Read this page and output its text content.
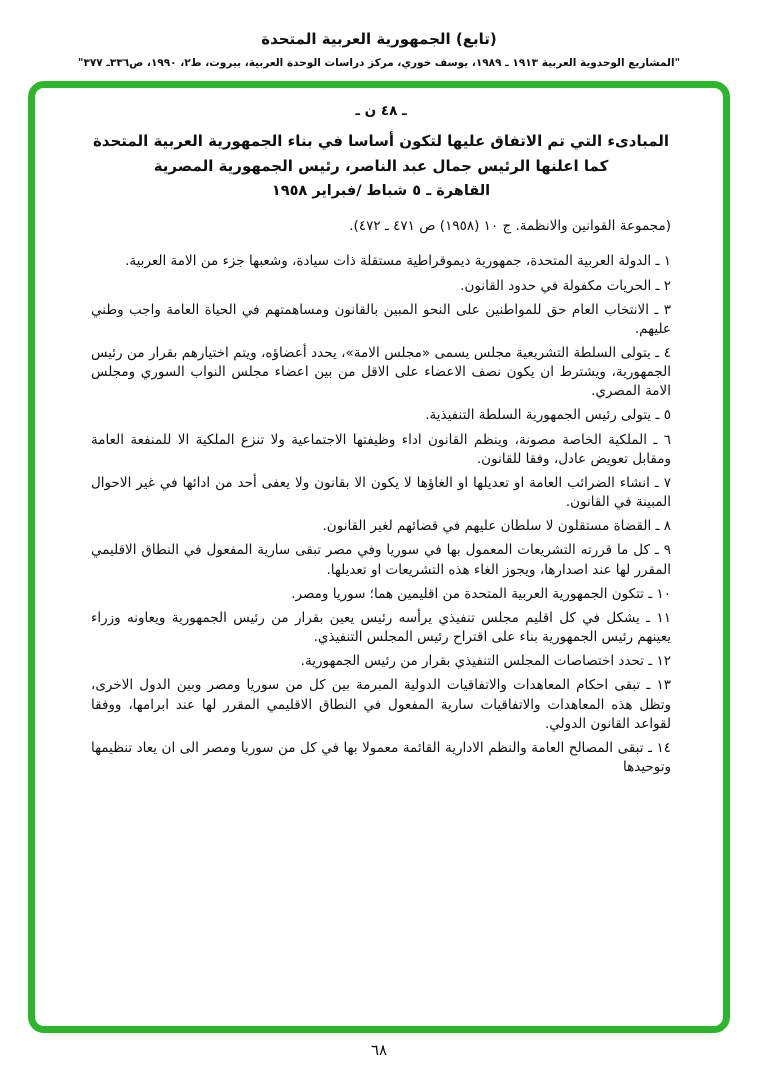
(تابع) الجمهورية العربية المتحدة
"المشاريع الوحدوية العربية ١٩١٣ ـ ١٩٨٩، يوسف خوري، مركز دراسات الوحدة العربية، بيروت، ط٢، ١٩٩٠، ص٣٣٦ـ ٣٧٧"
ـ ٤٨ ن ـ
المبادىء التي تم الاتفاق عليها لتكون أساسا في بناء الجمهورية العربية المتحدة كما اعلنها الرئيس جمال عبد الناصر، رئيس الجمهورية المصرية
القاهرة ـ ٥ شباط /فبراير ١٩٥٨

(مجموعة القوانين والانظمة. ج ١٠ (١٩٥٨) ص ٤٧١ ـ ٤٧٢).

١ ـ الدولة العربية المتحدة، جمهورية ديموقراطية مستقلة ذات سيادة، وشعبها جزء من الامة العربية.

٢ ـ الحريات مكفولة في حدود القانون.

٣ ـ الانتخاب العام حق للمواطنين على النحو المبين بالقانون ومساهمتهم في الحياة العامة واجب وطني عليهم.

٤ ـ يتولى السلطة التشريعية مجلس يسمى «مجلس الامة»، يحدد أعضاؤه، ويتم اختيارهم بقرار من رئيس الجمهورية، ويشترط ان يكون نصف الاعضاء على الاقل من بين اعضاء مجلس النواب السوري ومجلس الامة المصري.

٥ ـ يتولى رئيس الجمهورية السلطة التنفيذية.

٦ ـ الملكية الخاصة مصونة، وينظم القانون اداء وظيفتها الاجتماعية ولا تنزع الملكية الا للمنفعة العامة ومقابل تعويض عادل، وفقا للقانون.

٧ ـ انشاء الضرائب العامة او تعديلها او الغاؤها لا يكون الا بقانون ولا يعفى أحد من ادائها في غير الاحوال المبينة في القانون.

٨ ـ القضاة مستقلون لا سلطان عليهم في قضائهم لغير القانون.

٩ ـ كل ما قررته التشريعات المعمول بها في سوريا وفي مصر تبقى سارية المفعول في النطاق الاقليمي المقرر لها عند اصدارها، ويجوز الغاء هذه التشريعات او تعديلها.

١٠ ـ تتكون الجمهورية العربية المتحدة من اقليمين هما؛ سوريا ومصر.

١١ ـ يشكل في كل اقليم مجلس تنفيذي يرأسه رئيس يعين بقرار من رئيس الجمهورية ويعاونه وزراء يعينهم رئيس الجمهورية بناء على اقتراح رئيس المجلس التنفيذي.

١٢ ـ تحدد اختصاصات المجلس التنفيذي بقرار من رئيس الجمهورية.

١٣ ـ تبقى احكام المعاهدات والاتفاقيات الدولية المبرمة بين كل من سوريا ومصر وبين الدول الاخرى، وتظل هذه المعاهدات والاتفاقيات سارية المفعول في النطاق الاقليمي المقرر لها عند ابرامها، ووفقا لقواعد القانون الدولي.

١٤ ـ تبقى المصالح العامة والنظم الادارية القائمة معمولا بها في كل من سوريا ومصر الى ان يعاد تنظيمها وتوحيدها

٦٨
